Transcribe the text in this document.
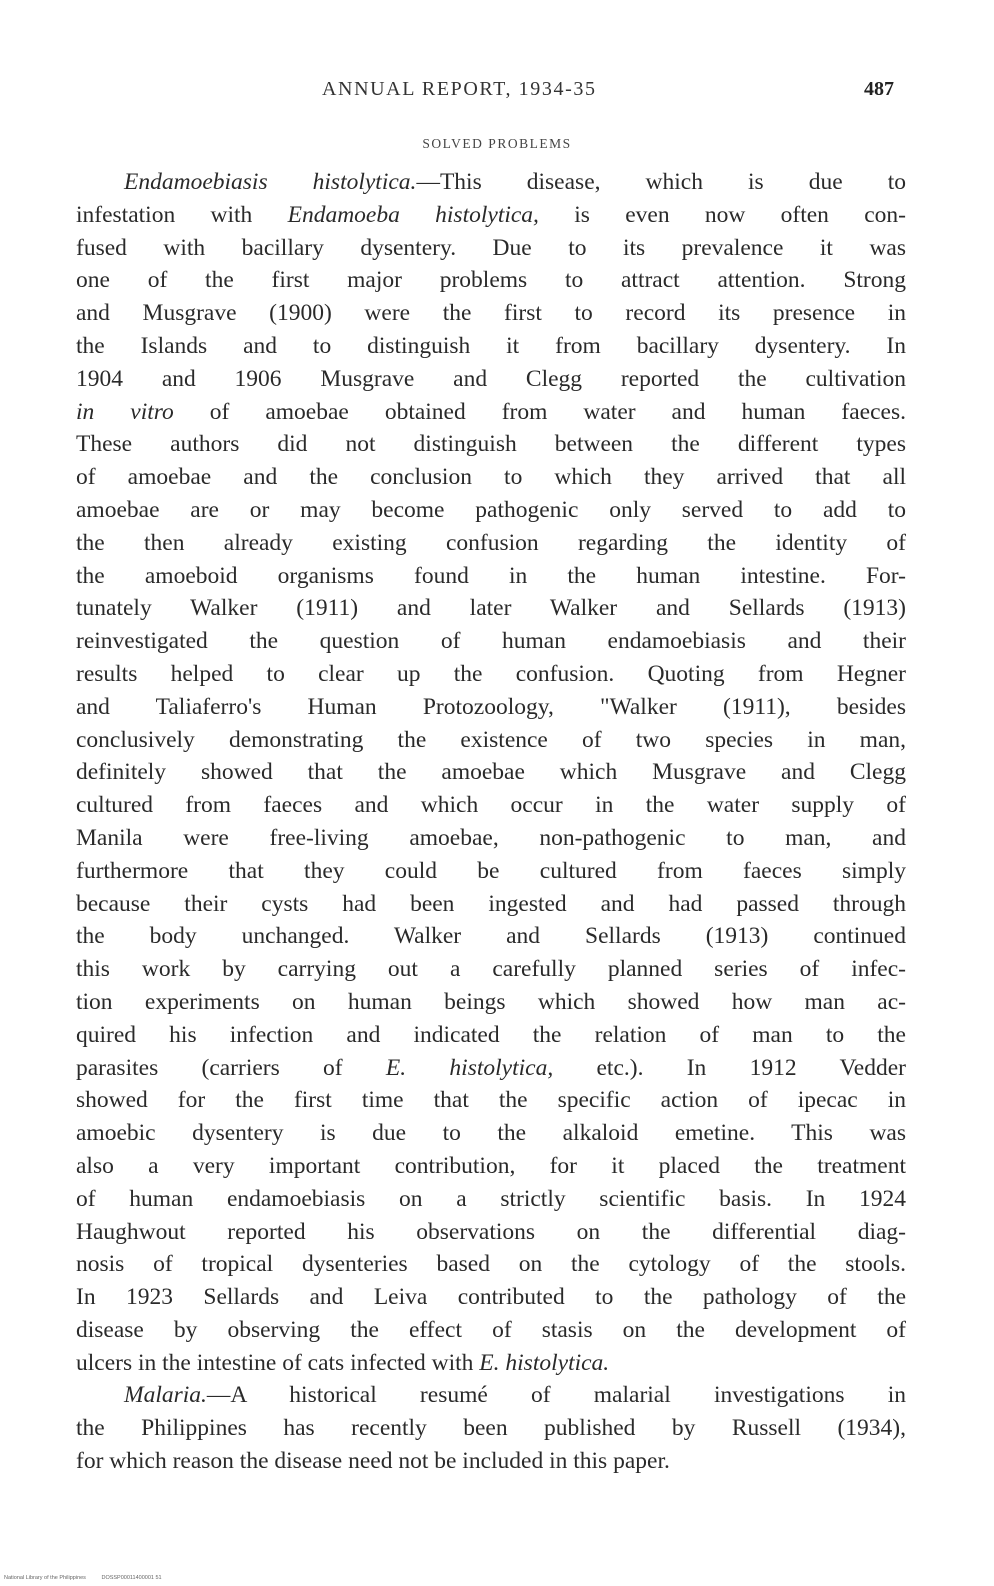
ANNUAL REPORT, 1934-35	487
SOLVED PROBLEMS
Endamoebiasis histolytica.—This disease, which is due to
infestation with Endamoeba histolytica, is even now often con-
fused with bacillary dysentery. Due to its prevalence it was
one of the first major problems to attract attention. Strong
and Musgrave (1900) were the first to record its presence in
the Islands and to distinguish it from bacillary dysentery. In
1904 and 1906 Musgrave and Clegg reported the cultivation
in vitro of amoebae obtained from water and human faeces.
These authors did not distinguish between the different types
of amoebae and the conclusion to which they arrived that all
amoebae are or may become pathogenic only served to add to
the then already existing confusion regarding the identity of
the amoeboid organisms found in the human intestine. For-
tunately Walker (1911) and later Walker and Sellards (1913)
reinvestigated the question of human endamoebiasis and their
results helped to clear up the confusion. Quoting from Hegner
and Taliaferro's Human Protozoology, "Walker (1911), besides
conclusively demonstrating the existence of two species in man,
definitely showed that the amoebae which Musgrave and Clegg
cultured from faeces and which occur in the water supply of
Manila were free-living amoebae, non-pathogenic to man, and
furthermore that they could be cultured from faeces simply
because their cysts had been ingested and had passed through
the body unchanged. Walker and Sellards (1913) continued
this work by carrying out a carefully planned series of infec-
tion experiments on human beings which showed how man ac-
quired his infection and indicated the relation of man to the
parasites (carriers of E. histolytica, etc.). In 1912 Vedder
showed for the first time that the specific action of ipecac in
amoebic dysentery is due to the alkaloid emetine. This was
also a very important contribution, for it placed the treatment
of human endamoebiasis on a strictly scientific basis. In 1924
Haughwout reported his observations on the differential diag-
nosis of tropical dysenteries based on the cytology of the stools.
In 1923 Sellards and Leiva contributed to the pathology of the
disease by observing the effect of stasis on the development of
ulcers in the intestine of cats infected with E. histolytica.
Malaria.—A historical resumé of malarial investigations in
the Philippines has recently been published by Russell (1934),
for which reason the disease need not be included in this paper.
National Library of the Philippines	DOSSP00011400001 51
